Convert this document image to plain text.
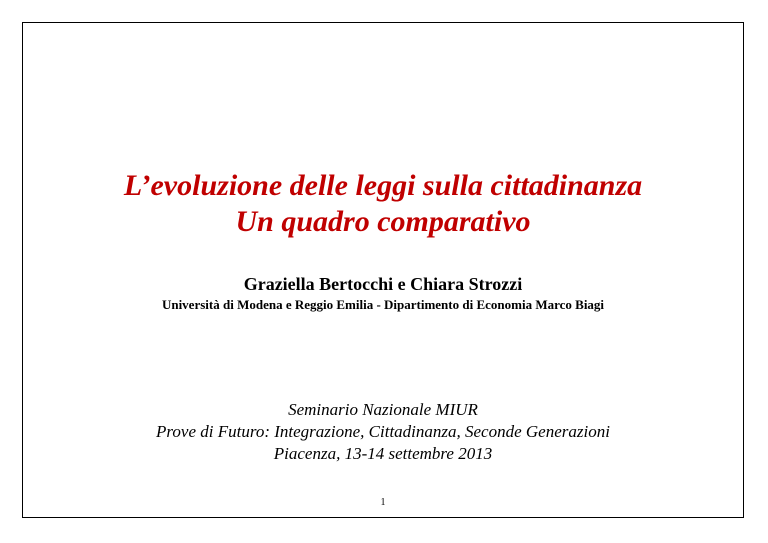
L’evoluzione delle leggi sulla cittadinanza
Un quadro comparativo
Graziella Bertocchi e Chiara Strozzi
Università di Modena e Reggio Emilia - Dipartimento di Economia Marco Biagi
Seminario Nazionale MIUR
Prove di Futuro: Integrazione, Cittadinanza, Seconde Generazioni
Piacenza, 13-14 settembre 2013
1
